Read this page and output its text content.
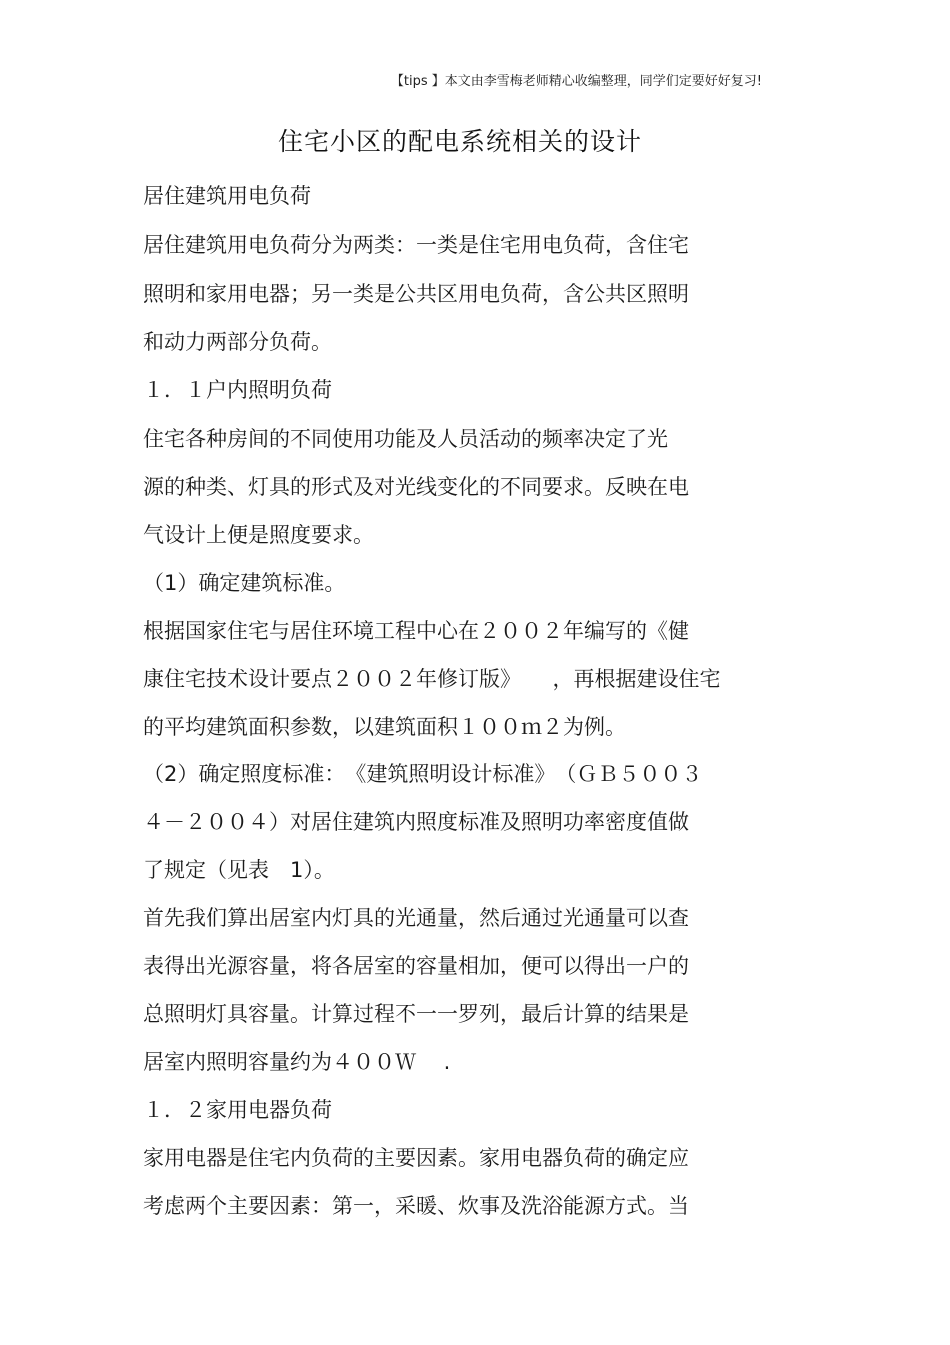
【tips 】本文由李雪梅老师精心收编整理，同学们定要好好复习!
住宅小区的配电系统相关的设计
居住建筑用电负荷
居住建筑用电负荷分为两类：一类是住宅用电负荷，含住宅
照明和家用电器；另一类是公共区用电负荷，含公共区照明
和动力两部分负荷。
１．１户内照明负荷
住宅各种房间的不同使用功能及人员活动的频率决定了光
源的种类、灯具的形式及对光线变化的不同要求。反映在电
气设计上便是照度要求。
（1）确定建筑标准。
根据国家住宅与居住环境工程中心在２００２年编写的《健
康住宅技术设计要点２００２年修订版》　　，再根据建设住宅
的平均建筑面积参数，以建筑面积１００ｍ２为例。
（2）确定照度标准：　《建筑照明设计标准》　（ＧＢ５００３
４－２００４）对居住建筑内照度标准及照明功率密度值做
了规定（见表　1）。
首先我们算出居室内灯具的光通量，然后通过光通量可以查
表得出光源容量，将各居室的容量相加，便可以得出一户的
总照明灯具容量。计算过程不一一罗列，最后计算的结果是
居室内照明容量约为４００Ｗ　 .
１．２家用电器负荷
家用电器是住宅内负荷的主要因素。家用电器负荷的确定应
考虑两个主要因素：第一，采暖、炊事及洗浴能源方式。当
